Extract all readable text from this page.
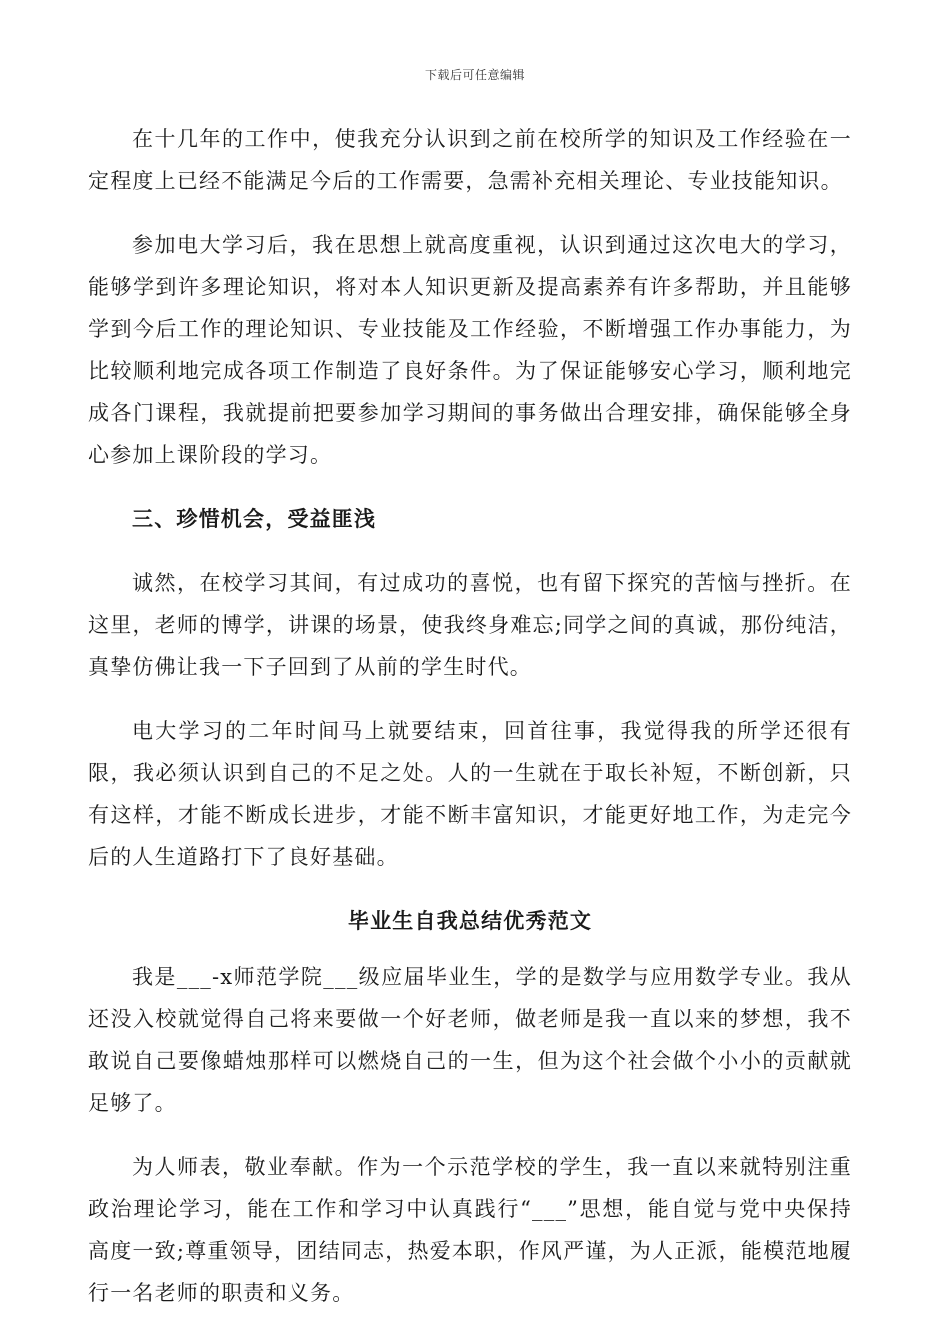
下载后可任意编辑

在十几年的工作中，使我充分认识到之前在校所学的知识及工作经验在一定程度上已经不能满足今后的工作需要，急需补充相关理论、专业技能知识。

参加电大学习后，我在思想上就高度重视，认识到通过这次电大的学习，能够学到许多理论知识，将对本人知识更新及提高素养有许多帮助，并且能够学到今后工作的理论知识、专业技能及工作经验，不断增强工作办事能力，为比较顺利地完成各项工作制造了良好条件。为了保证能够安心学习，顺利地完成各门课程，我就提前把要参加学习期间的事务做出合理安排，确保能够全身心参加上课阶段的学习。

三、珍惜机会，受益匪浅

诚然，在校学习其间，有过成功的喜悦，也有留下探究的苦恼与挫折。在这里，老师的博学，讲课的场景，使我终身难忘;同学之间的真诚，那份纯洁，真挚仿佛让我一下子回到了从前的学生时代。

电大学习的二年时间马上就要结束，回首往事，我觉得我的所学还很有限，我必须认识到自己的不足之处。人的一生就在于取长补短，不断创新，只有这样，才能不断成长进步，才能不断丰富知识，才能更好地工作，为走完今后的人生道路打下了良好基础。

毕业生自我总结优秀范文

我是___-x师范学院___级应届毕业生，学的是数学与应用数学专业。我从还没入校就觉得自己将来要做一个好老师，做老师是我一直以来的梦想，我不敢说自己要像蜡烛那样可以燃烧自己的一生，但为这个社会做个小小的贡献就足够了。

为人师表，敬业奉献。作为一个示范学校的学生，我一直以来就特别注重政治理论学习，能在工作和学习中认真践行“___”思想，能自觉与党中央保持高度一致;尊重领导，团结同志，热爱本职，作风严谨，为人正派，能模范地履行一名老师的职责和义务。
